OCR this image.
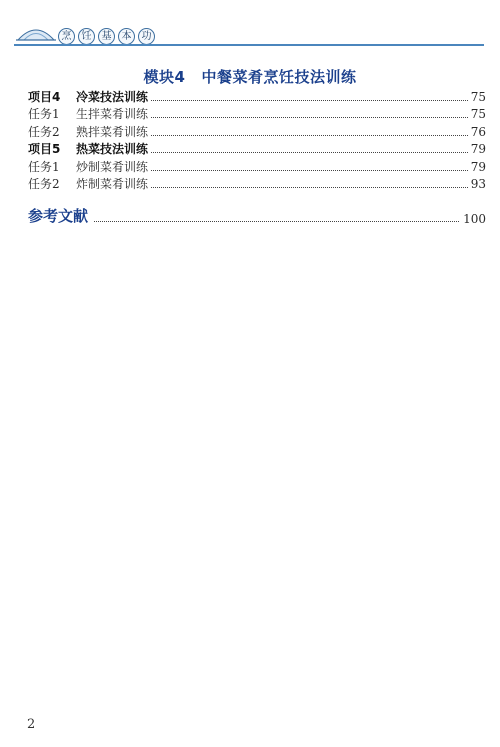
烹	饪	基	本	功
模块4 中餐菜肴烹饪技法训练
项目4	冷菜技法训练	75
任务1	生拌菜肴训练	75
任务2	熟拌菜肴训练	76
项目5	热菜技法训练	79
任务1	炒制菜肴训练	79
任务2	炸制菜肴训练	93
参考文献	100
2
